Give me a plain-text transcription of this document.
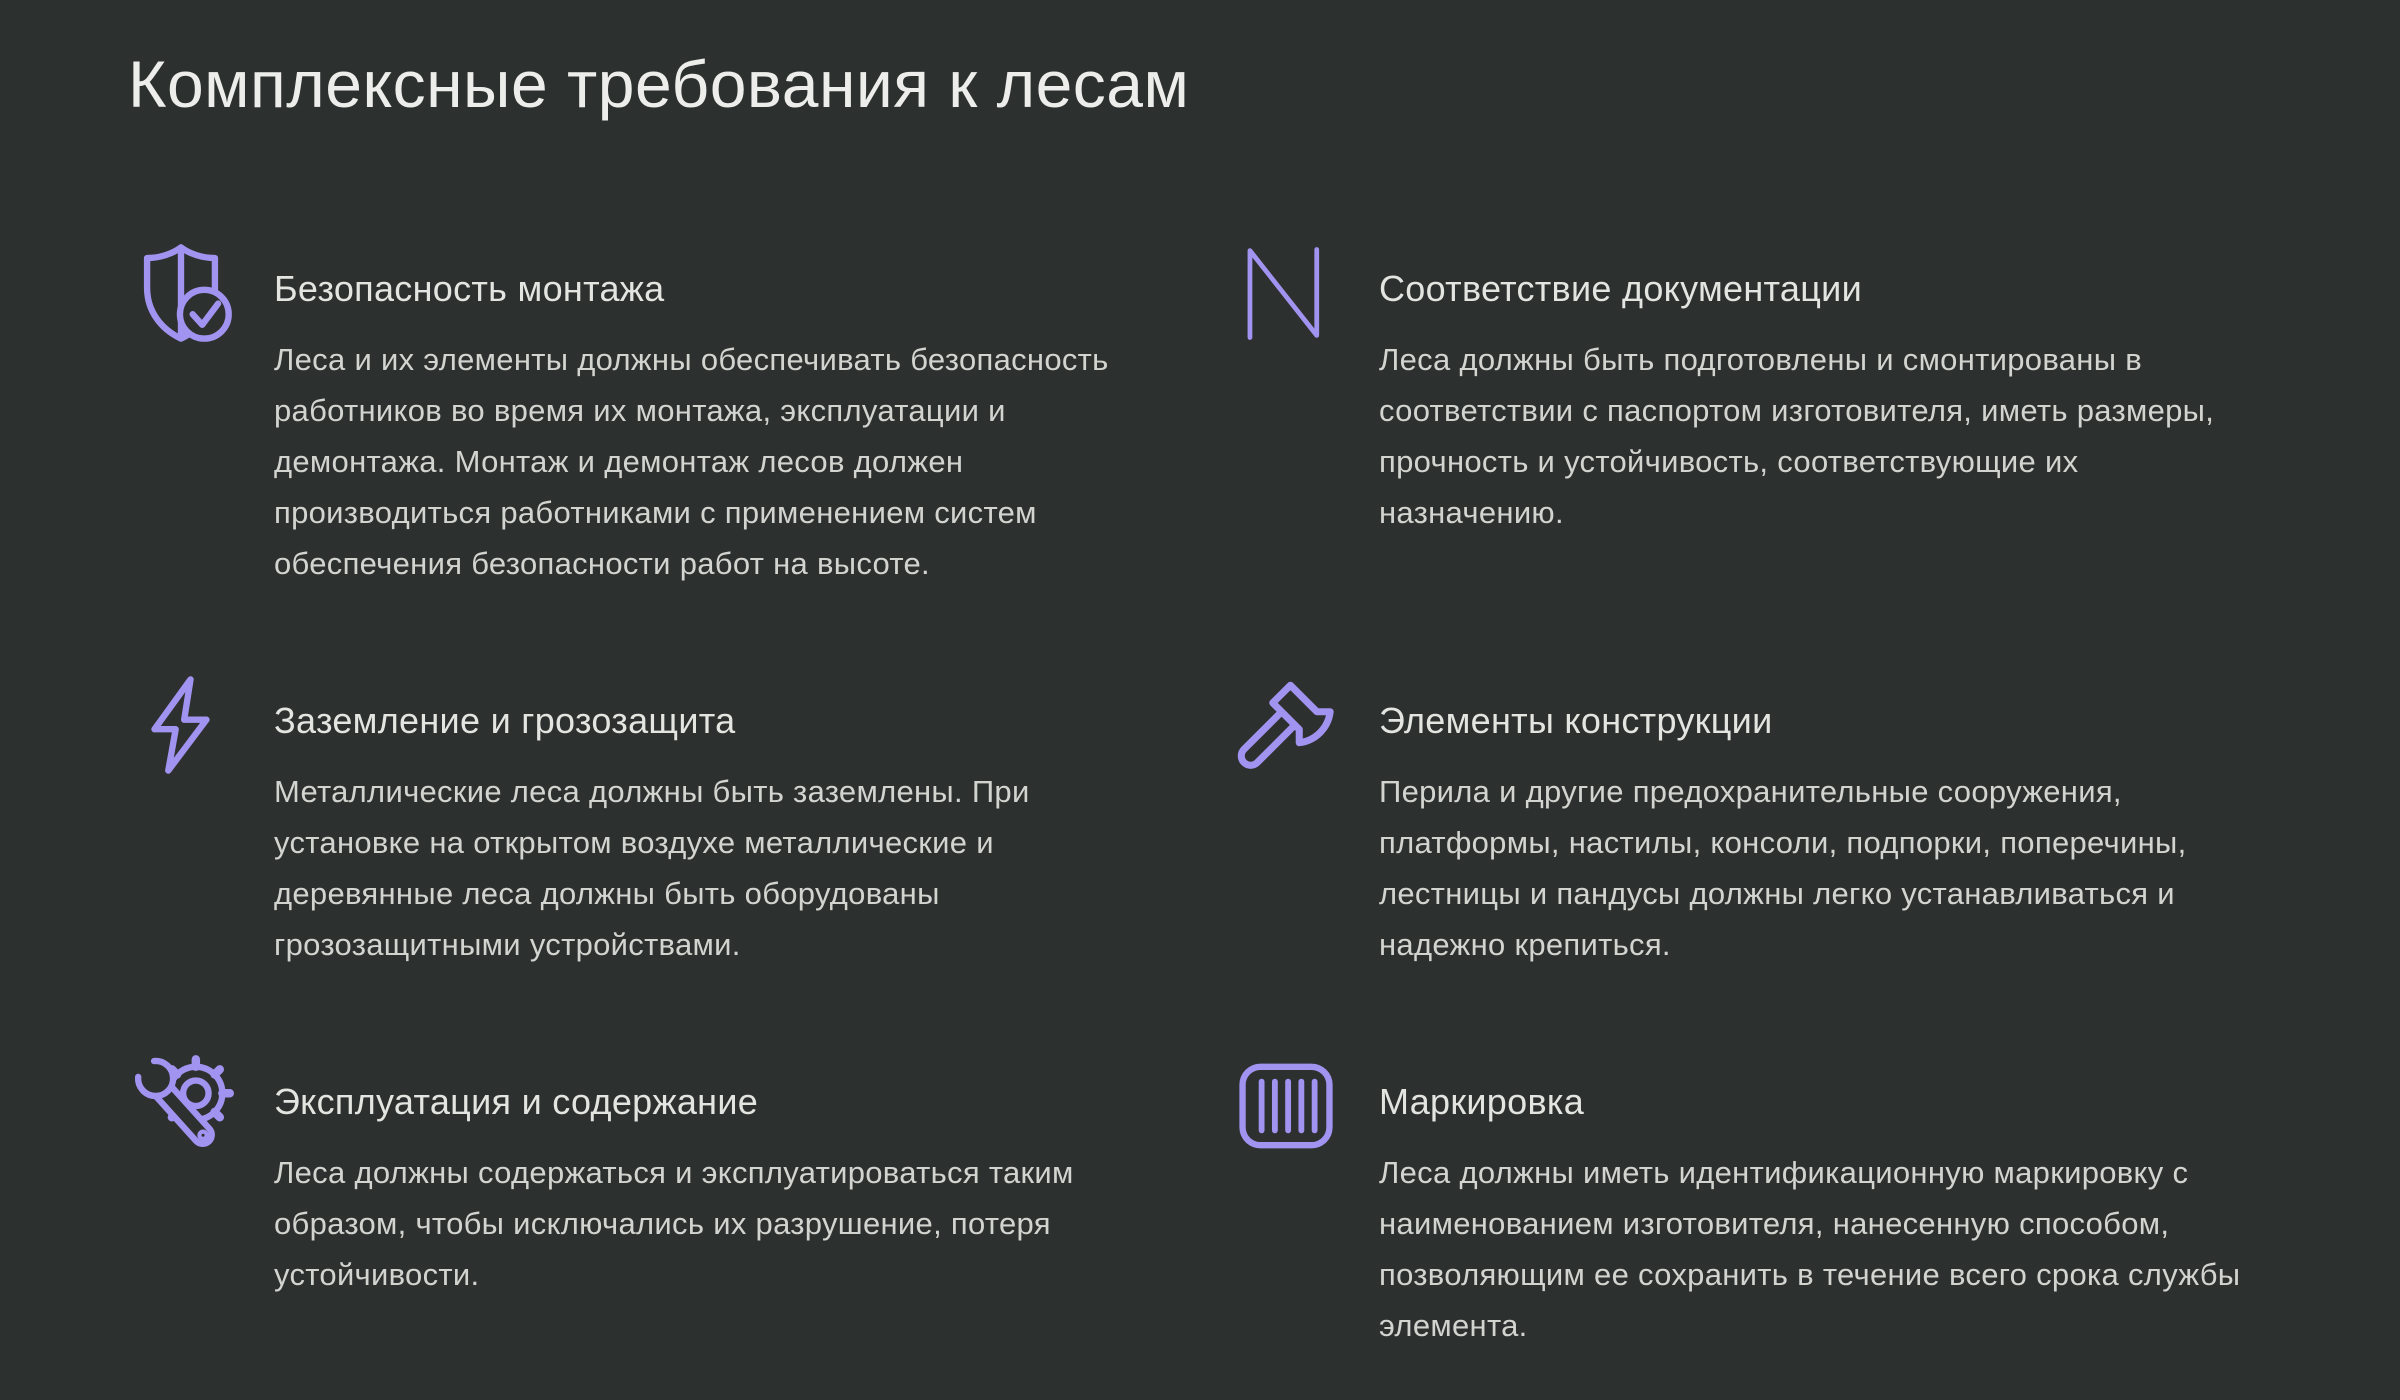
Комплексные требования к лесам
Безопасность монтажа

Леса и их элементы должны обеспечивать безопасность работников во время их монтажа, эксплуатации и демонтажа. Монтаж и демонтаж лесов должен производиться работниками с применением систем обеспечения безопасности работ на высоте.

Соответствие документации

Леса должны быть подготовлены и смонтированы в соответствии с паспортом изготовителя, иметь размеры, прочность и устойчивость, соответствующие их назначению.

Заземление и грозозащита

Металлические леса должны быть заземлены. При установке на открытом воздухе металлические и деревянные леса должны быть оборудованы грозозащитными устройствами.

Элементы конструкции

Перила и другие предохранительные сооружения, платформы, настилы, консоли, подпорки, поперечины, лестницы и пандусы должны легко устанавливаться и надежно крепиться.

Эксплуатация и содержание

Леса должны содержаться и эксплуатироваться таким образом, чтобы исключались их разрушение, потеря устойчивости.

Маркировка

Леса должны иметь идентификационную маркировку с наименованием изготовителя, нанесенную способом, позволяющим ее сохранить в течение всего срока службы элемента.
